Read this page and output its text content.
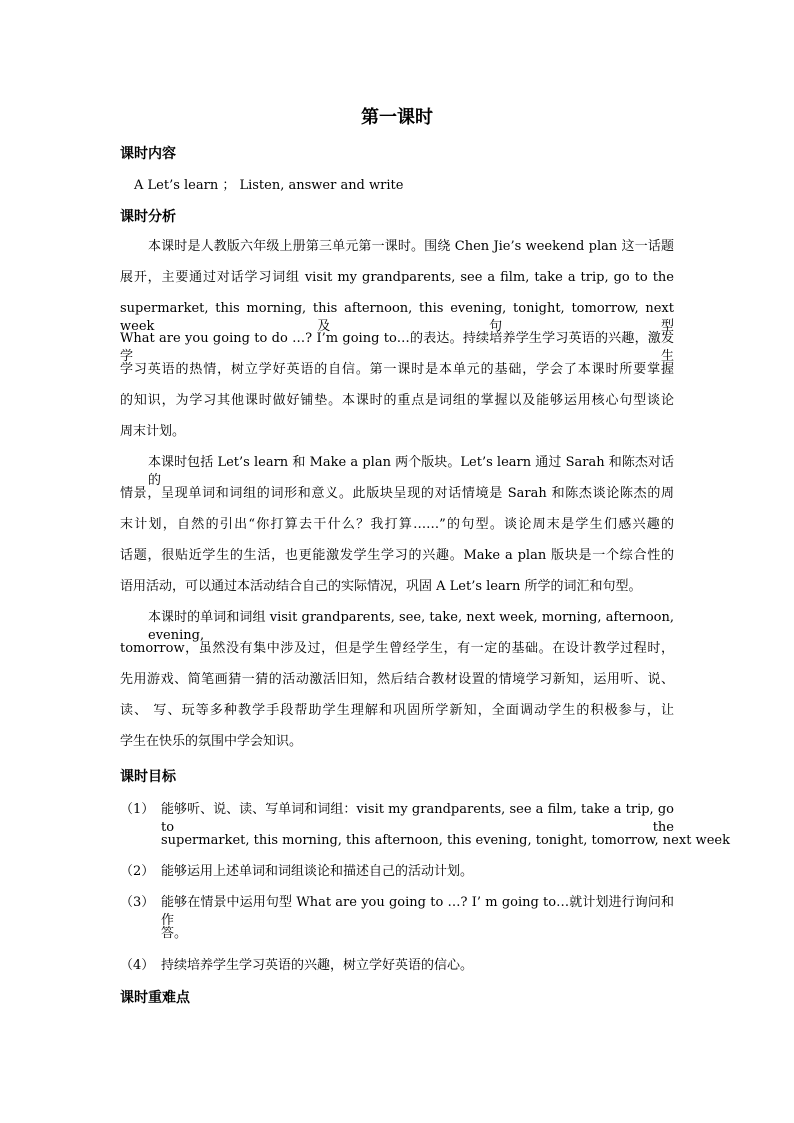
第一课时
课时内容

A Let’s learn ； Listen, answer and write

课时分析

本课时是人教版六年级上册第三单元第一课时。围绕 Chen Jie’s weekend plan 这一话题

展开，主要通过对话学习词组 visit my grandparents, see a film, take a trip, go to the

supermarket, this morning, this afternoon, this evening, tonight, tomorrow, next week 及句型

What are you going to do …? I’m going to…的表达。持续培养学生学习英语的兴趣，激发学生

学习英语的热情，树立学好英语的自信。第一课时是本单元的基础，学会了本课时所要掌握

的知识，为学习其他课时做好铺垫。本课时的重点是词组的掌握以及能够运用核心句型谈论

周末计划。

本课时包括 Let’s learn 和 Make a plan 两个版块。Let’s learn 通过 Sarah 和陈杰对话的

情景，呈现单词和词组的词形和意义。此版块呈现的对话情境是 Sarah 和陈杰谈论陈杰的周

末计划，自然的引出“你打算去干什么？我打算……”的句型。谈论周末是学生们感兴趣的

话题，很贴近学生的生活，也更能激发学生学习的兴趣。Make a plan 版块是一个综合性的

语用活动，可以通过本活动结合自己的实际情况，巩固 A Let’s learn 所学的词汇和句型。

本课时的单词和词组 visit grandparents, see, take, next week, morning, afternoon, evening,

tomorrow，虽然没有集中涉及过，但是学生曾经学生，有一定的基础。在设计教学过程时，

先用游戏、简笔画猜一猜的活动激活旧知，然后结合教材设置的情境学习新知，运用听、说、

读、 写、玩等多种教学手段帮助学生理解和巩固所学新知，全面调动学生的积极参与，让

学生在快乐的氛围中学会知识。

课时目标

（1） 能够听、说、读、写单词和词组：visit my grandparents, see a film, take a trip, go to the

supermarket, this morning, this afternoon, this evening, tonight, tomorrow, next week

（2） 能够运用上述单词和词组谈论和描述自己的活动计划。

（3） 能够在情景中运用句型 What are you going to …? I’ m going to…就计划进行询问和作

答。

（4） 持续培养学生学习英语的兴趣，树立学好英语的信心。

课时重难点
